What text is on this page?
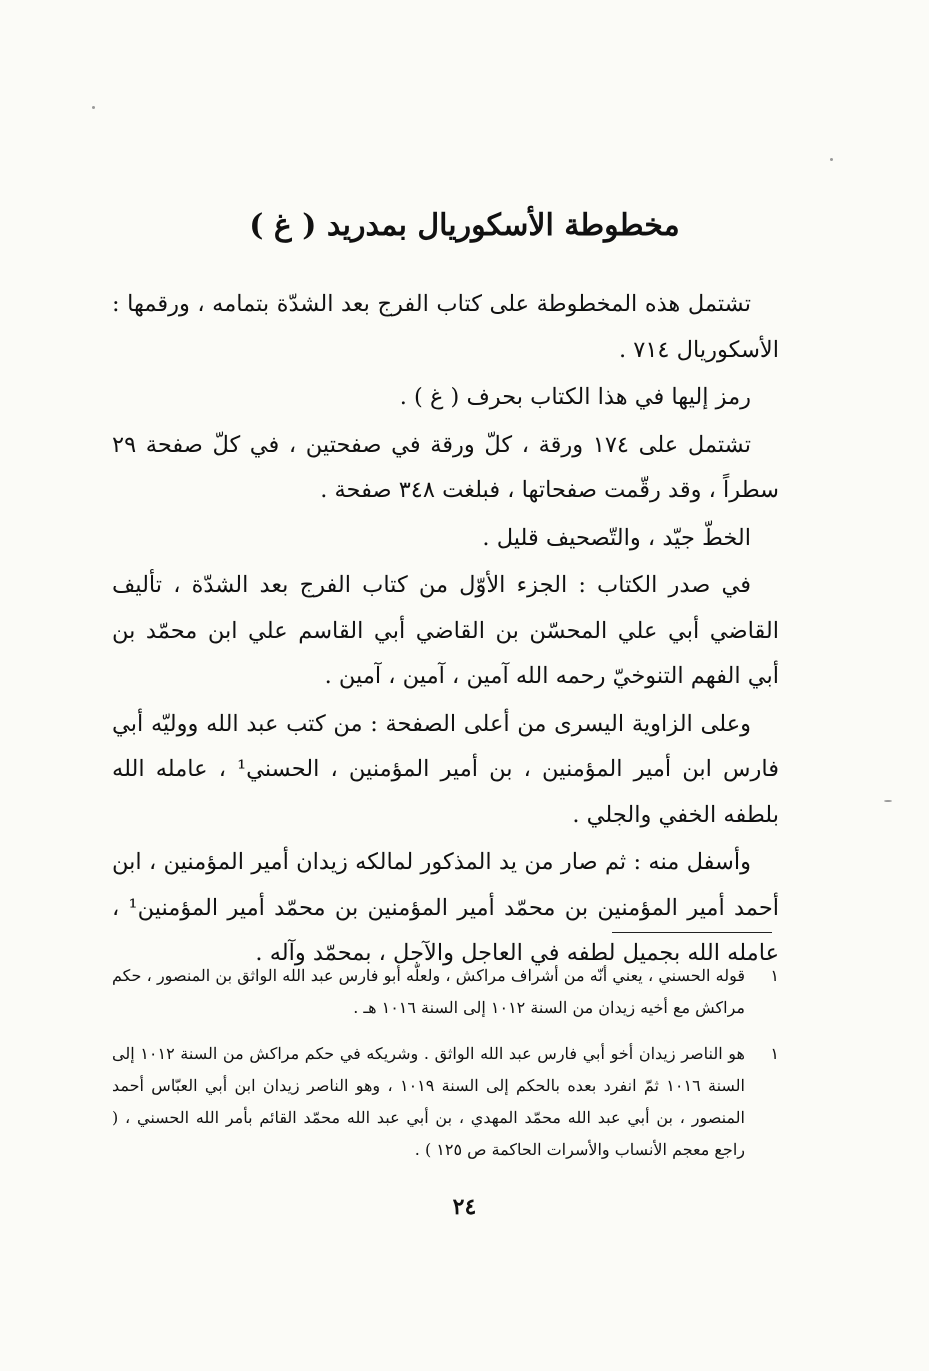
مخطوطة الأسكوريال بمدريد ( غ )

تشتمل هذه المخطوطة على كتاب الفرج بعد الشدّة بتمامه ، ورقمها : الأسكوريال ٧١٤ .

رمز إليها في هذا الكتاب بحرف ( غ ) .

تشتمل على ١٧٤ ورقة ، كلّ ورقة في صفحتين ، في كلّ صفحة ٢٩ سطراً ، وقد رقّمت صفحاتها ، فبلغت ٣٤٨ صفحة .

الخطّ جيّد ، والتّصحيف قليل .

في صدر الكتاب : الجزء الأوّل من كتاب الفرج بعد الشدّة ، تأليف القاضي أبي علي المحسّن بن القاضي أبي القاسم علي ابن محمّد بن أبي الفهم التنوخيّ رحمه الله آمين ، آمين ، آمين .

وعلى الزاوية اليسرى من أعلى الصفحة : من كتب عبد الله ووليّه أبي فارس ابن أمير المؤمنين ، بن أمير المؤمنين ، الحسني¹ ، عامله الله بلطفه الخفي والجلي .

وأسفل منه : ثم صار من يد المذكور لمالكه زيدان أمير المؤمنين ، ابن أحمد أمير المؤمنين بن محمّد أمير المؤمنين بن محمّد أمير المؤمنين¹ ، عامله الله بجميل لطفه في العاجل والآجل ، بمحمّد وآله .

١
قوله الحسني ، يعني أنّه من أشراف مراكش ، ولعلّه أبو فارس عبد الله الواثق بن المنصور ، حكم مراكش مع أخيه زيدان من السنة ١٠١٢ إلى السنة ١٠١٦ هـ .
١
هو الناصر زيدان أخو أبي فارس عبد الله الواثق . وشريكه في حكم مراكش من السنة ١٠١٢ إلى السنة ١٠١٦ ثمّ انفرد بعده بالحكم إلى السنة ١٠١٩ ، وهو الناصر زيدان ابن أبي العبّاس أحمد المنصور ، بن أبي عبد الله محمّد المهدي ، بن أبي عبد الله محمّد القائم بأمر الله الحسني ، ( راجع معجم الأنساب والأسرات الحاكمة ص ١٢٥ ) .
٢٤
